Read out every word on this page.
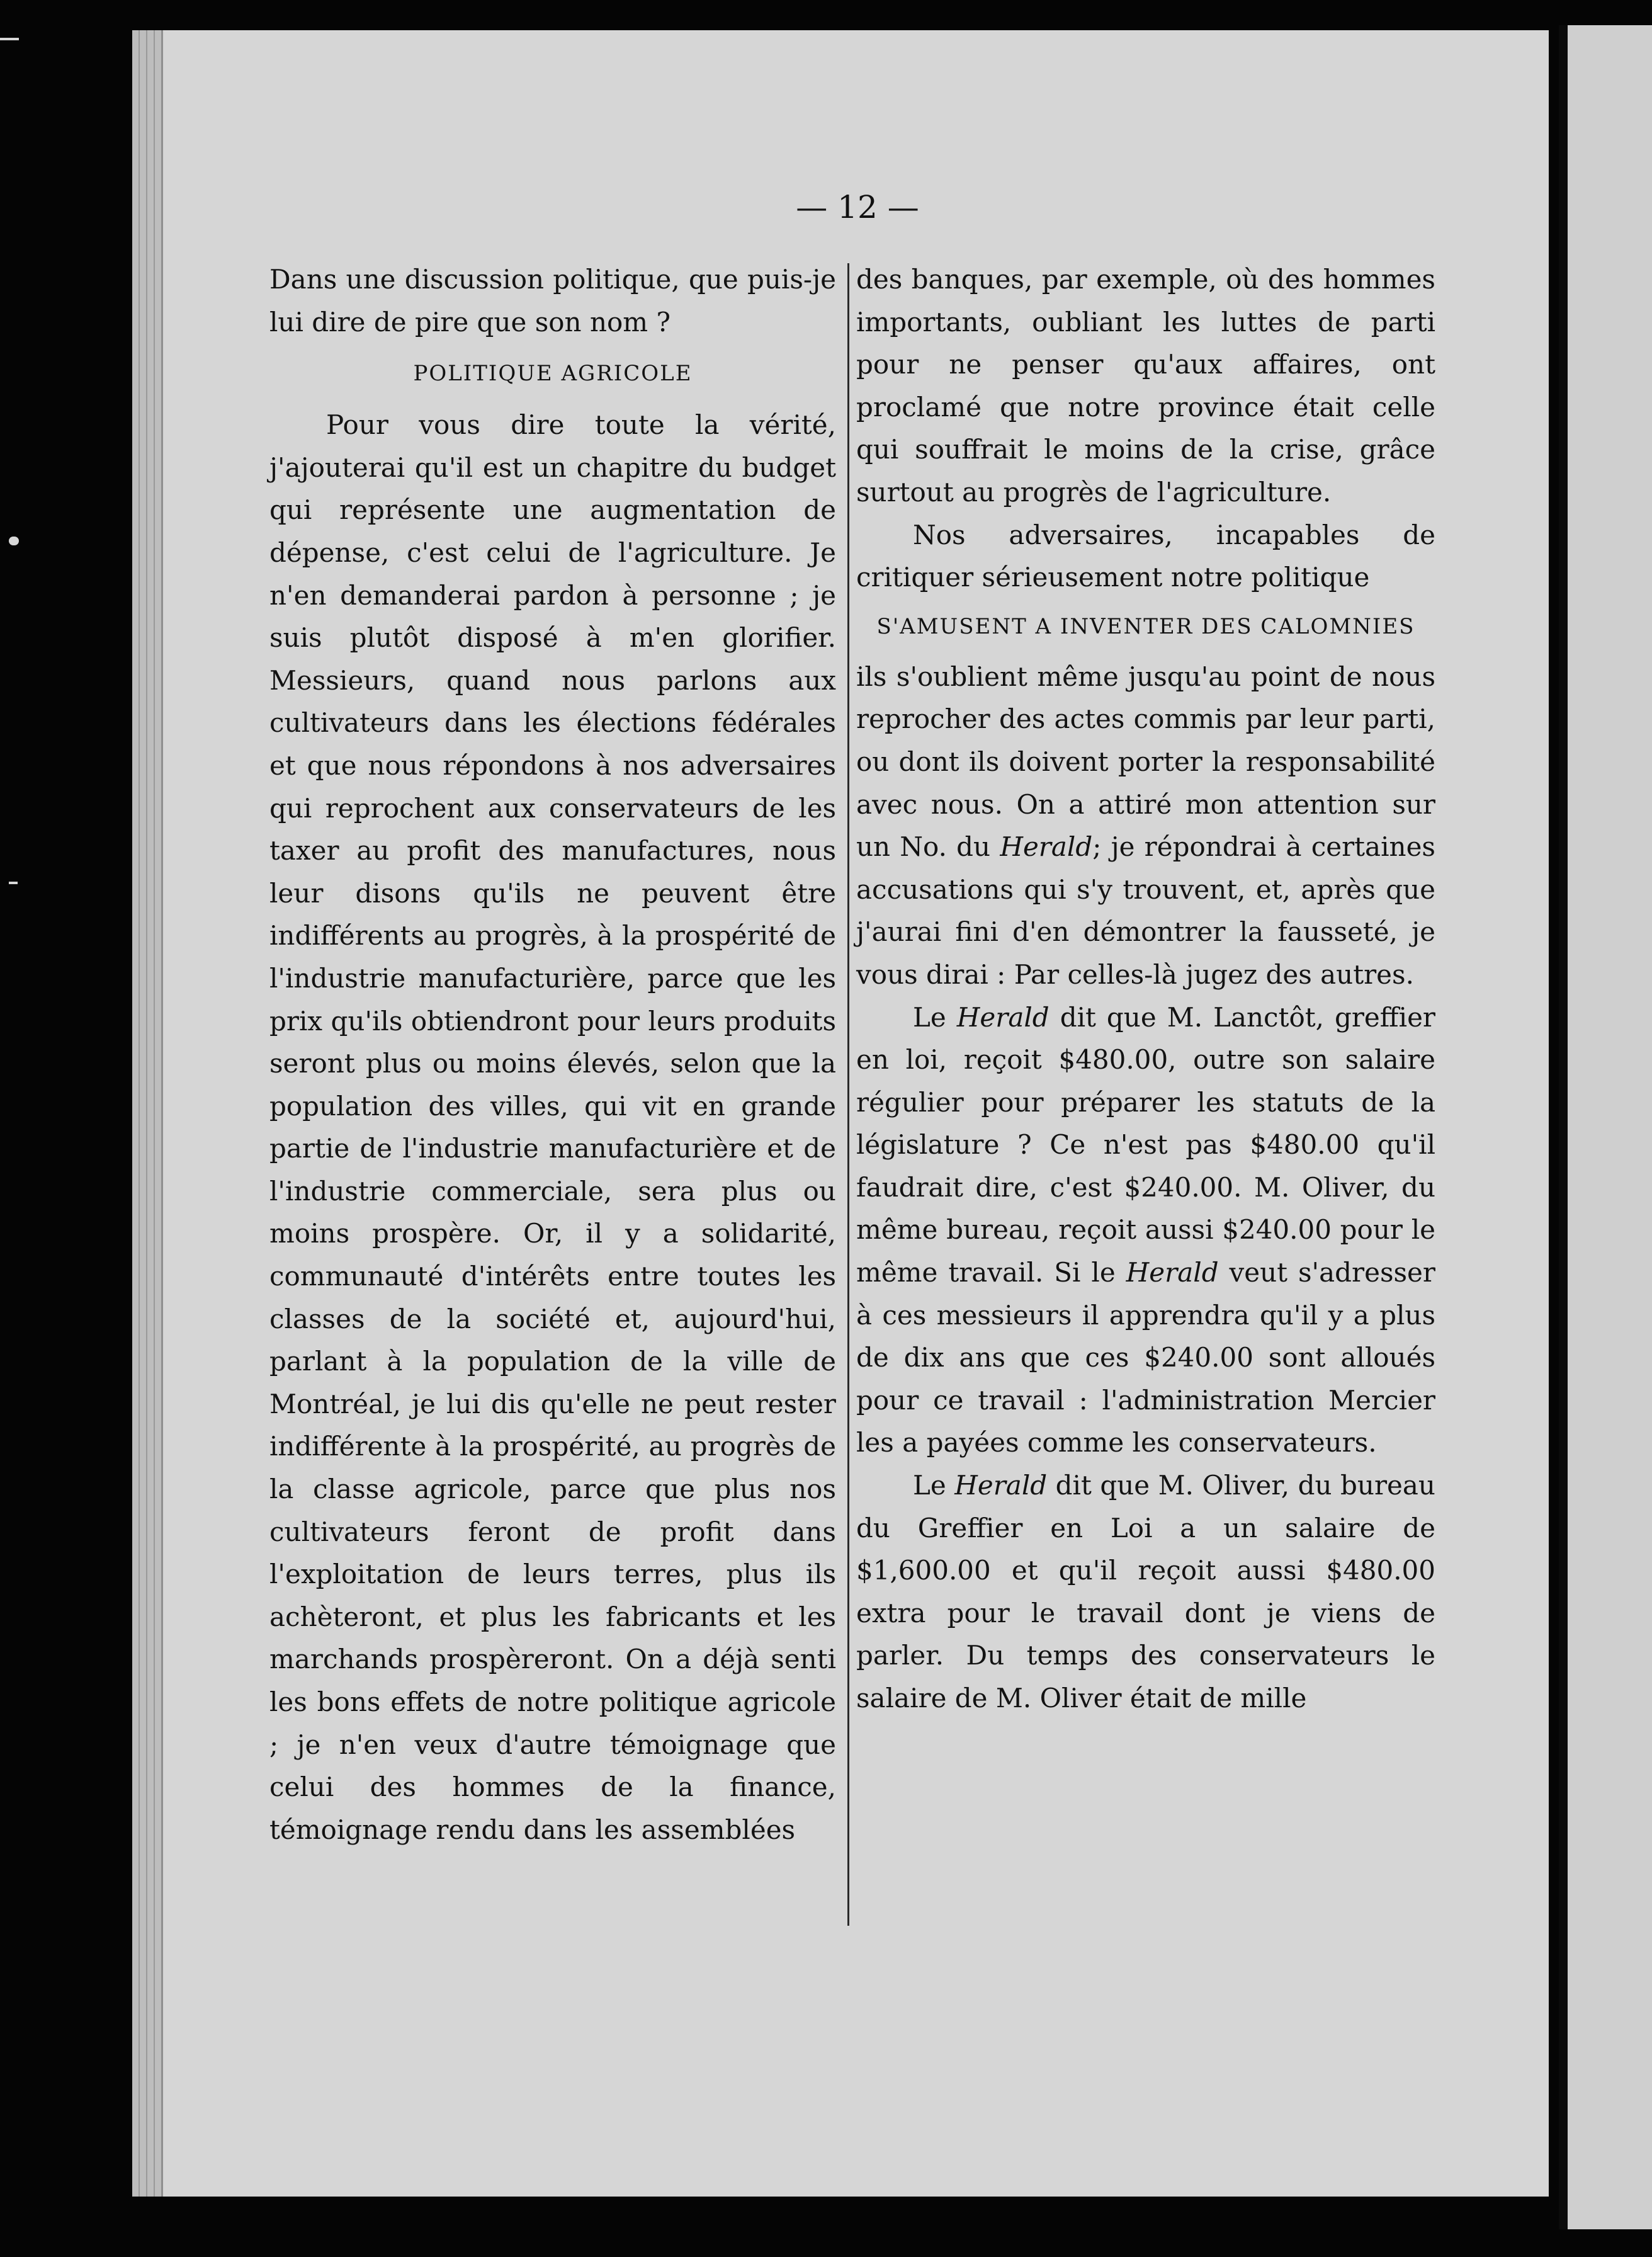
— 12 —

Dans une discussion politique, que puis-je lui dire de pire que son nom ?

POLITIQUE AGRICOLE

Pour vous dire toute la vérité, j'ajouterai qu'il est un chapitre du budget qui représente une augmentation de dépense, c'est celui de l'agriculture. Je n'en demanderai pardon à personne ; je suis plutôt disposé à m'en glorifier. Messieurs, quand nous parlons aux cultivateurs dans les élections fédérales et que nous répondons à nos adversaires qui reprochent aux conservateurs de les taxer au profit des manufactures, nous leur disons qu'ils ne peuvent être indifférents au progrès, à la prospérité de l'industrie manufacturière, parce que les prix qu'ils obtiendront pour leurs produits seront plus ou moins élevés, selon que la population des villes, qui vit en grande partie de l'industrie manufacturière et de l'industrie commerciale, sera plus ou moins prospère. Or, il y a solidarité, communauté d'intérêts entre toutes les classes de la société et, aujourd'hui, parlant à la population de la ville de Montréal, je lui dis qu'elle ne peut rester indifférente à la prospérité, au progrès de la classe agricole, parce que plus nos cultivateurs feront de profit dans l'exploitation de leurs terres, plus ils achèteront, et plus les fabricants et les marchands prospèreront. On a déjà senti les bons effets de notre politique agricole ; je n'en veux d'autre témoignage que celui des hommes de la finance, témoignage rendu dans les assemblées

des banques, par exemple, où des hommes importants, oubliant les luttes de parti pour ne penser qu'aux affaires, ont proclamé que notre province était celle qui souffrait le moins de la crise, grâce surtout au progrès de l'agriculture.

Nos adversaires, incapables de critiquer sérieusement notre politique

S'AMUSENT A INVENTER DES CALOMNIES

ils s'oublient même jusqu'au point de nous reprocher des actes commis par leur parti, ou dont ils doivent porter la responsabilité avec nous. On a attiré mon attention sur un No. du Herald; je répondrai à certaines accusations qui s'y trouvent, et, après que j'aurai fini d'en démontrer la fausseté, je vous dirai : Par celles-là jugez des autres.

Le Herald dit que M. Lanctôt, greffier en loi, reçoit $480.00, outre son salaire régulier pour préparer les statuts de la législature ? Ce n'est pas $480.00 qu'il faudrait dire, c'est $240.00. M. Oliver, du même bureau, reçoit aussi $240.00 pour le même travail. Si le Herald veut s'adresser à ces messieurs il apprendra qu'il y a plus de dix ans que ces $240.00 sont alloués pour ce travail : l'administration Mercier les a payées comme les conservateurs.

Le Herald dit que M. Oliver, du bureau du Greffier en Loi a un salaire de $1,600.00 et qu'il reçoit aussi $480.00 extra pour le travail dont je viens de parler. Du temps des conservateurs le salaire de M. Oliver était de mille
